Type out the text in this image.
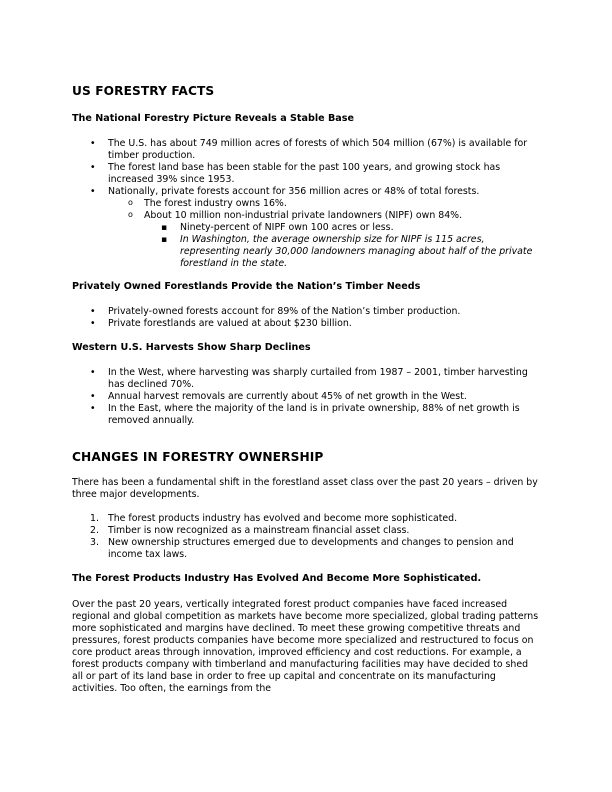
US FORESTRY FACTS
The National Forestry Picture Reveals a Stable Base
• The U.S. has about 749 million acres of forests of which 504 million (67%) is available for timber production.
• The forest land base has been stable for the past 100 years, and growing stock has increased 39% since 1953.
• Nationally, private forests account for 356 million acres or 48% of total forests.
o The forest industry owns 16%.
o About 10 million non-industrial private landowners (NIPF) own 84%.
▪ Ninety-percent of NIPF own 100 acres or less.
▪ In Washington, the average ownership size for NIPF is 115 acres, representing nearly 30,000 landowners managing about half of the private forestland in the state.
Privately Owned Forestlands Provide the Nation’s Timber Needs
• Privately-owned forests account for 89% of the Nation’s timber production.
• Private forestlands are valued at about $230 billion.
Western U.S. Harvests Show Sharp Declines
• In the West, where harvesting was sharply curtailed from 1987 – 2001, timber harvesting has declined 70%.
• Annual harvest removals are currently about 45% of net growth in the West.
• In the East, where the majority of the land is in private ownership, 88% of net growth is removed annually.
CHANGES IN FORESTRY OWNERSHIP

There has been a fundamental shift in the forestland asset class over the past 20 years – driven by three major developments.

1. The forest products industry has evolved and become more sophisticated.
2. Timber is now recognized as a mainstream financial asset class.
3. New ownership structures emerged due to developments and changes to pension and income tax laws.
The Forest Products Industry Has Evolved And Become More Sophisticated.

Over the past 20 years, vertically integrated forest product companies have faced increased regional and global competition as markets have become more specialized, global trading patterns more sophisticated and margins have declined. To meet these growing competitive threats and pressures, forest products companies have become more specialized and restructured to focus on core product areas through innovation, improved efficiency and cost reductions. For example, a forest products company with timberland and manufacturing facilities may have decided to shed all or part of its land base in order to free up capital and concentrate on its manufacturing activities. Too often, the earnings from the
